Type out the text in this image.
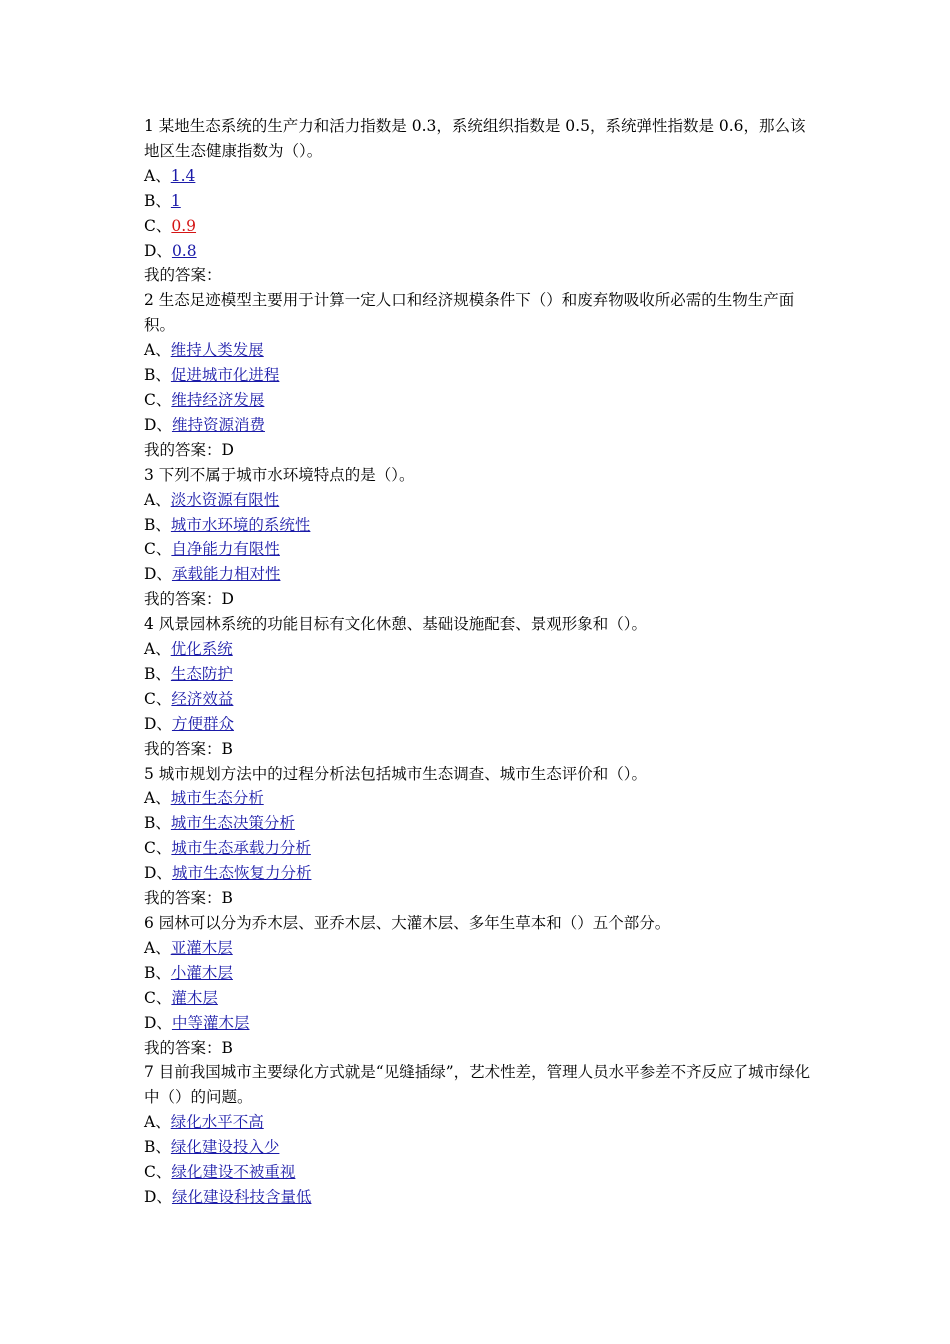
1 某地生态系统的生产力和活力指数是 0.3，系统组织指数是 0.5，系统弹性指数是 0.6，那么该地区生态健康指数为（）。

A、1.4

B、1

C、0.9

D、0.8

我的答案：

2 生态足迹模型主要用于计算一定人口和经济规模条件下（）和废弃物吸收所必需的生物生产面积。

A、维持人类发展

B、促进城市化进程

C、维持经济发展

D、维持资源消费

我的答案：D

3 下列不属于城市水环境特点的是（）。

A、淡水资源有限性

B、城市水环境的系统性

C、自净能力有限性

D、承载能力相对性

我的答案：D

4 风景园林系统的功能目标有文化休憩、基础设施配套、景观形象和（）。

A、优化系统

B、生态防护

C、经济效益

D、方便群众

我的答案：B

5 城市规划方法中的过程分析法包括城市生态调查、城市生态评价和（）。

A、城市生态分析

B、城市生态决策分析

C、城市生态承载力分析

D、城市生态恢复力分析

我的答案：B

6 园林可以分为乔木层、亚乔木层、大灌木层、多年生草本和（）五个部分。

A、亚灌木层

B、小灌木层

C、灌木层

D、中等灌木层

我的答案：B

7 目前我国城市主要绿化方式就是“见缝插绿”，艺术性差，管理人员水平参差不齐反应了城市绿化中（）的问题。

A、绿化水平不高

B、绿化建设投入少

C、绿化建设不被重视

D、绿化建设科技含量低
